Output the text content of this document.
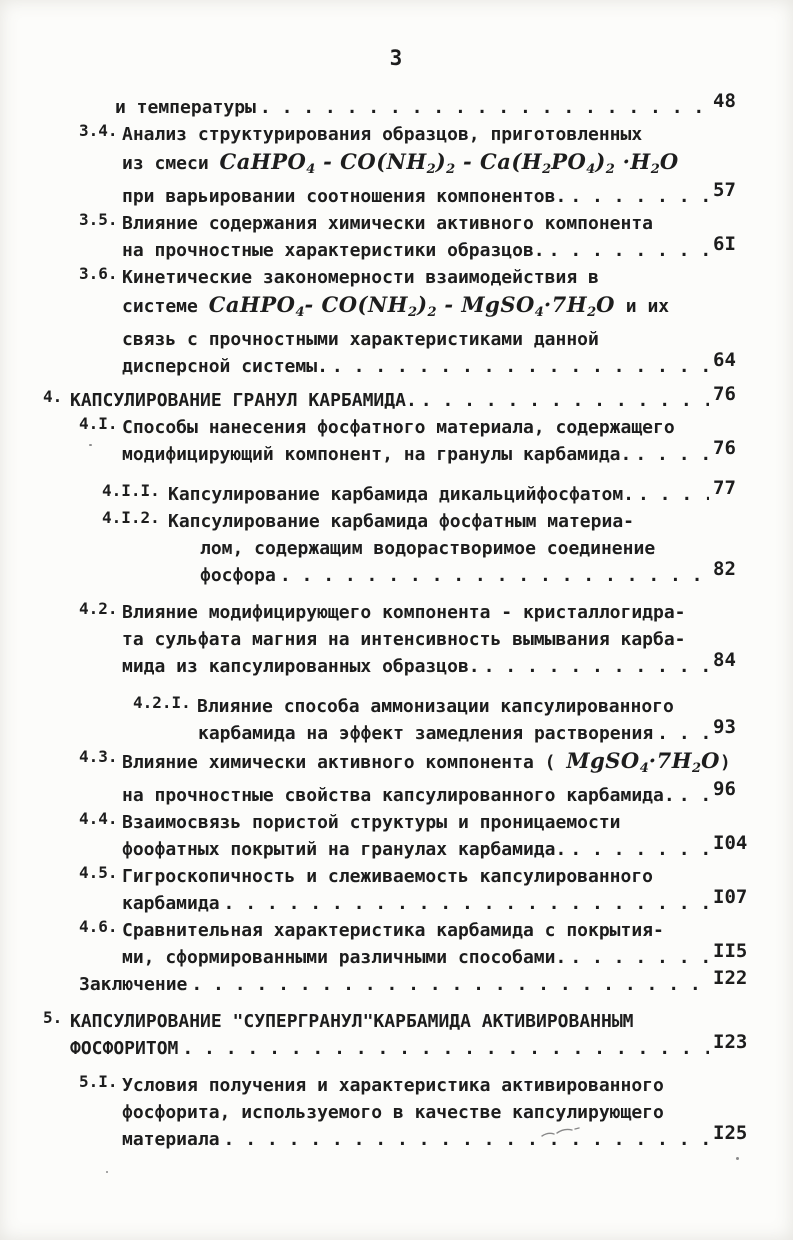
3
и температуры . . .	48
3.4. Анализ структурирования образцов, приготовленных
из смеси CaHPO$_4$ - $CO(NH_2)_2 - Ca(H_2PO_4)_2 \cdot H_2O$
при варьировании соотношения компонентов. . . .	57
3.5. Влияние содержания химически активного компонента
на прочностные характеристики образцов. . . .	6I
3.6. Кинетические закономерности взаимодействия в
системе CaHPO$_4$- $CO(NH_2)_2$ - $MgSO_4\cdot 7H_2O$ и их
связь с прочностными характеристиками данной
дисперсной системы. . . .	64
4. КАПСУЛИРОВАНИЕ ГРАНУЛ КАРБАМИДА. . . .	76
4.I. Способы нанесения фосфатного материала, содержащего
модифицирующий компонент, на гранулы карбамида. . . .	76
4.I.I. Капсулирование карбамида дикальцийфосфатом. . . .	77
4.I.2. Капсулирование карбамида фосфатным материа-
лом, содержащим водорастворимое соединение
фосфора . . .	82
4.2. Влияние модифицирующего компонента - кристаллогидра-
та сульфата магния на интенсивность вымывания карба-
мида из капсулированных образцов. . . .	84
4.2.I. Влияние способа аммонизации капсулированного
карбамида на эффект замедления растворения . . .	93
4.3. Влияние химически активного компонента ( $MgSO_4\cdot 7H_2O$)
на прочностные свойства капсулированного карбамида. . . . 96
4.4. Взаимосвязь пористой структуры и проницаемости
фоофатных покрытий на гранулах карбамида. . . .	I04
4.5. Гигроскопичность и слеживаемость капсулированного
карбамида . . .	I07
4.6. Сравнительная характеристика карбамида с покрытия-
ми, сформированными различными способами. . . .	II5
Заключение . . .	I22
5. КАПСУЛИРОВАНИЕ "СУПЕРГРАНУЛ"КАРБАМИДА АКТИВИРОВАННЫМ
ФОСФОРИТОМ . . .	I23
5.I. Условия получения и характеристика активированного
фосфорита, используемого в качестве капсулирующего
материала . . .	I25
